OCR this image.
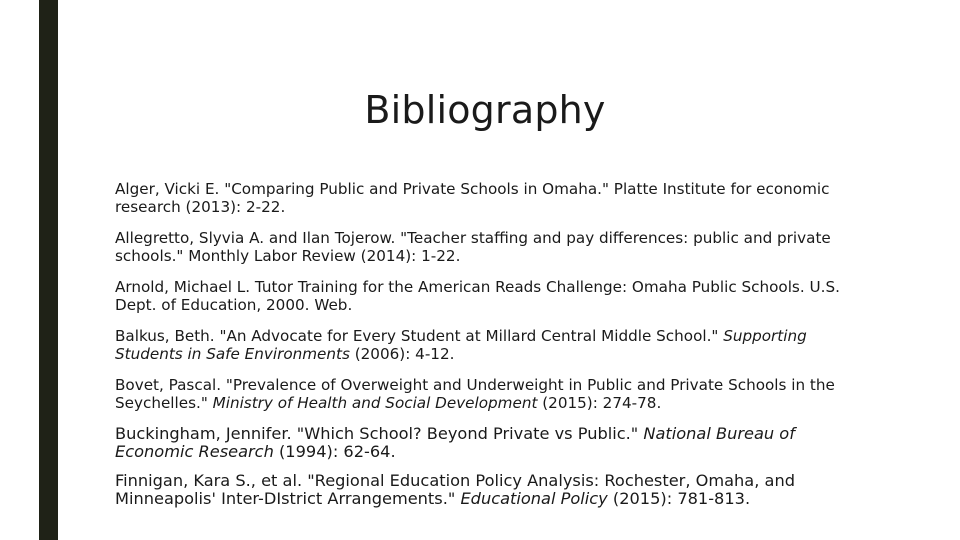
Bibliography
Alger, Vicki E. "Comparing Public and Private Schools in Omaha." Platte Institute for economic research (2013): 2-22.
Allegretto, Slyvia A. and Ilan Tojerow. "Teacher staffing and pay differences: public and private schools." Monthly Labor Review (2014): 1-22.
Arnold, Michael L. Tutor Training for the American Reads Challenge: Omaha Public Schools. U.S. Dept. of Education, 2000. Web.
Balkus, Beth. "An Advocate for Every Student at Millard Central Middle School." Supporting Students in Safe Environments (2006): 4-12.
Bovet, Pascal. "Prevalence of Overweight and Underweight in Public and Private Schools in the Seychelles." Ministry of Health and Social Development (2015): 274-78.
Buckingham, Jennifer. "Which School? Beyond Private vs Public." National Bureau of Economic Research (1994): 62-64.
Finnigan, Kara S., et al. "Regional Education Policy Analysis: Rochester, Omaha, and Minneapolis' Inter-DIstrict Arrangements." Educational Policy (2015): 781-813.
